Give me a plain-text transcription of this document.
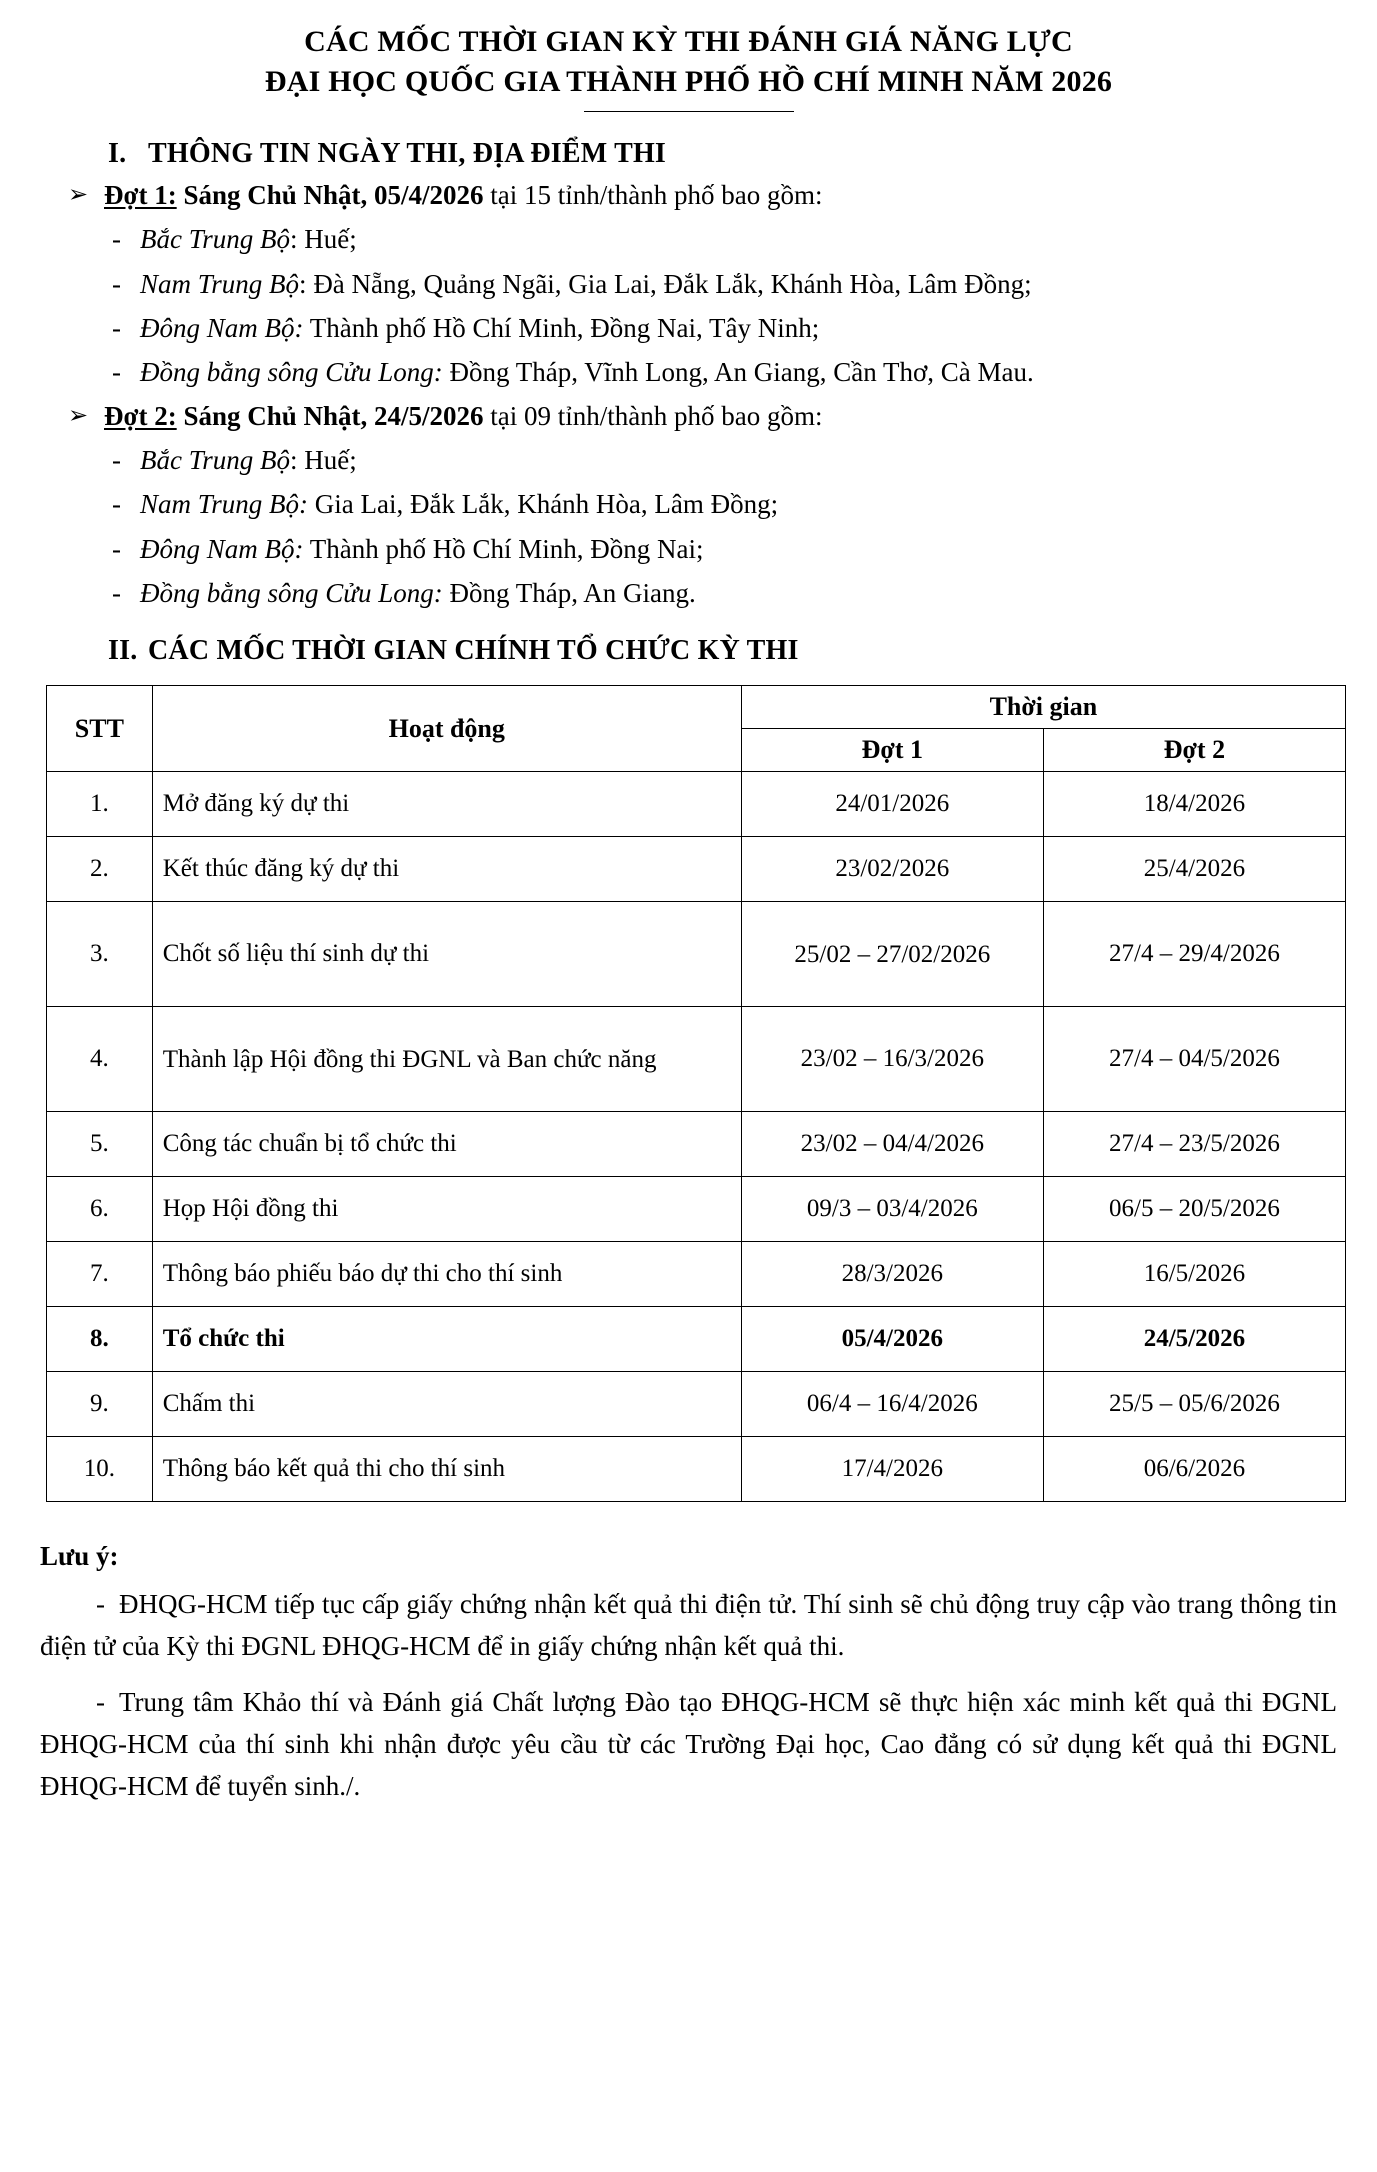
CÁC MỐC THỜI GIAN KỲ THI ĐÁNH GIÁ NĂNG LỰC
ĐẠI HỌC QUỐC GIA THÀNH PHỐ HỒ CHÍ MINH NĂM 2026
I. THÔNG TIN NGÀY THI, ĐỊA ĐIỂM THI
➢ Đợt 1: Sáng Chủ Nhật, 05/4/2026 tại 15 tỉnh/thành phố bao gồm:
- Bắc Trung Bộ: Huế;
- Nam Trung Bộ: Đà Nẵng, Quảng Ngãi, Gia Lai, Đắk Lắk, Khánh Hòa, Lâm Đồng;
- Đông Nam Bộ: Thành phố Hồ Chí Minh, Đồng Nai, Tây Ninh;
- Đồng bằng sông Cửu Long: Đồng Tháp, Vĩnh Long, An Giang, Cần Thơ, Cà Mau.
➢ Đợt 2: Sáng Chủ Nhật, 24/5/2026 tại 09 tỉnh/thành phố bao gồm:
- Bắc Trung Bộ: Huế;
- Nam Trung Bộ: Gia Lai, Đắk Lắk, Khánh Hòa, Lâm Đồng;
- Đông Nam Bộ: Thành phố Hồ Chí Minh, Đồng Nai;
- Đồng bằng sông Cửu Long: Đồng Tháp, An Giang.
II. CÁC MỐC THỜI GIAN CHÍNH TỔ CHỨC KỲ THI
STT	Hoạt động	Thời gian	
		Đợt 1	Đợt 2
1.	Mở đăng ký dự thi	24/01/2026	18/4/2026
2.	Kết thúc đăng ký dự thi	23/02/2026	25/4/2026
3.	Chốt số liệu thí sinh dự thi	25/02 – 27/02/2026	27/4 – 29/4/2026
4.	Thành lập Hội đồng thi ĐGNL và Ban chức năng	23/02 – 16/3/2026	27/4 – 04/5/2026
5.	Công tác chuẩn bị tổ chức thi	23/02 – 04/4/2026	27/4 – 23/5/2026
6.	Họp Hội đồng thi	09/3 – 03/4/2026	06/5 – 20/5/2026
7.	Thông báo phiếu báo dự thi cho thí sinh	28/3/2026	16/5/2026
8.	Tổ chức thi	05/4/2026	24/5/2026
9.	Chấm thi	06/4 – 16/4/2026	25/5 – 05/6/2026
10.	Thông báo kết quả thi cho thí sinh	17/4/2026	06/6/2026
Lưu ý:

- ĐHQG-HCM tiếp tục cấp giấy chứng nhận kết quả thi điện tử. Thí sinh sẽ chủ động truy cập vào trang thông tin điện tử của Kỳ thi ĐGNL ĐHQG-HCM để in giấy chứng nhận kết quả thi.

- Trung tâm Khảo thí và Đánh giá Chất lượng Đào tạo ĐHQG-HCM sẽ thực hiện xác minh kết quả thi ĐGNL ĐHQG-HCM của thí sinh khi nhận được yêu cầu từ các Trường Đại học, Cao đẳng có sử dụng kết quả thi ĐGNL ĐHQG-HCM để tuyển sinh./.
